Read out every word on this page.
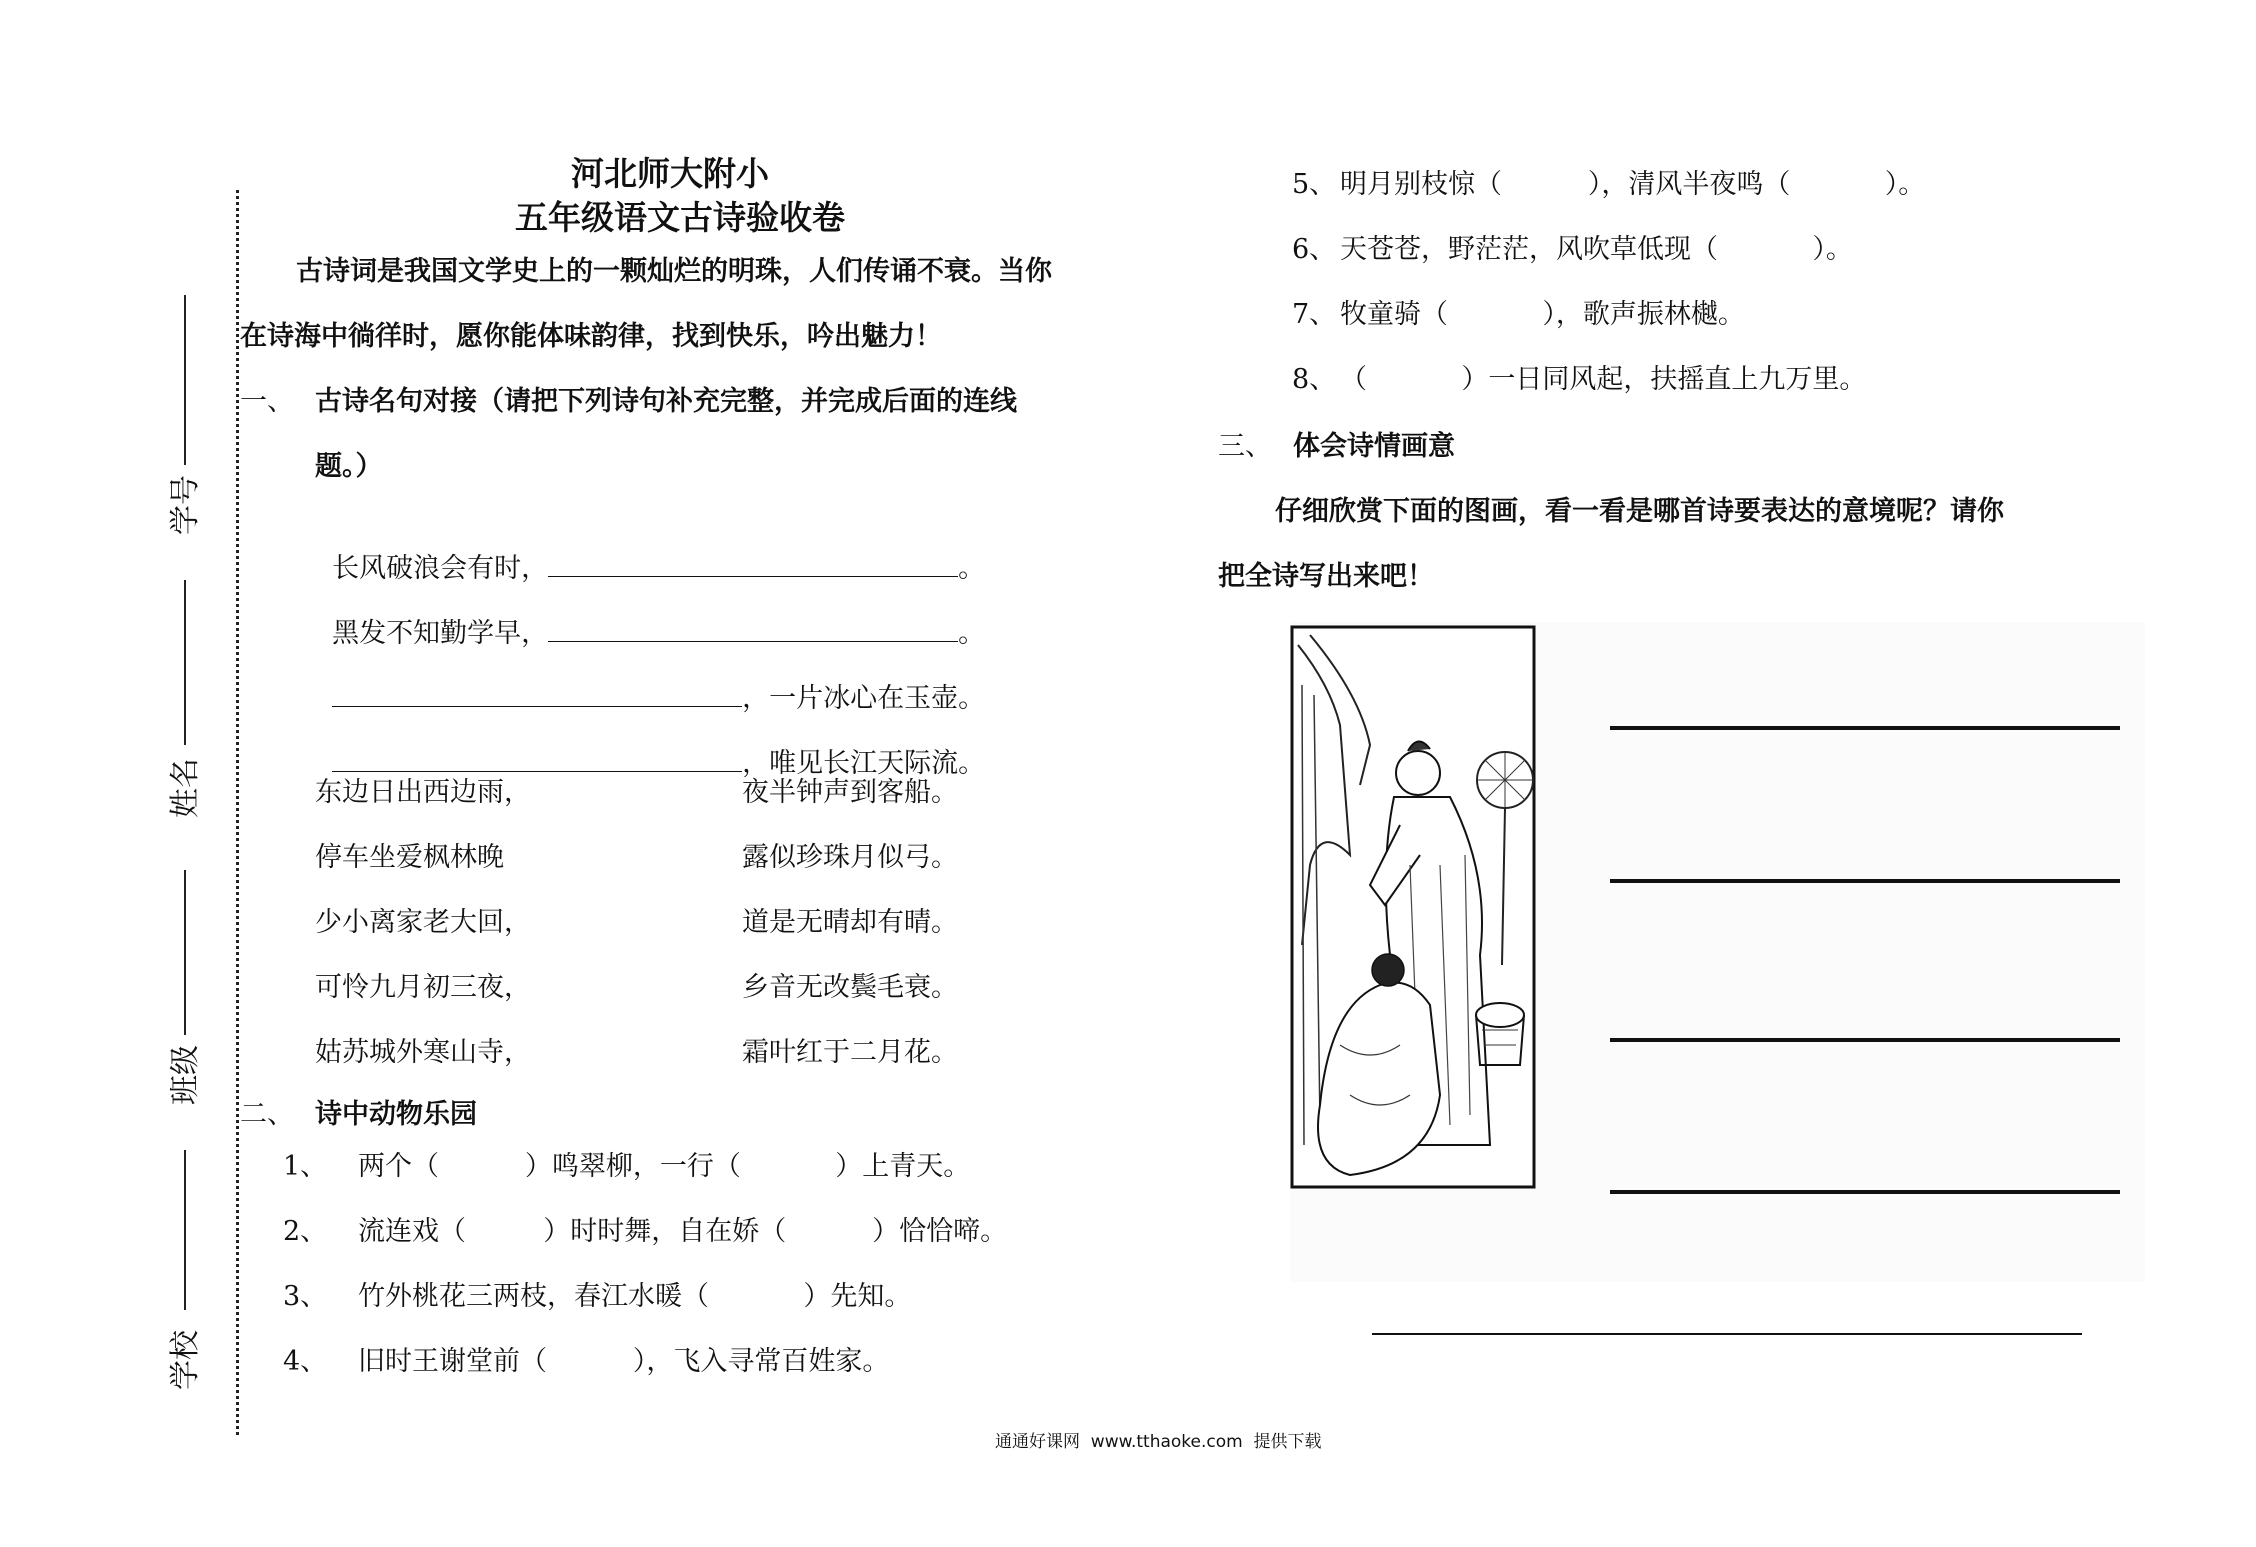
河北师大附小
五年级语文古诗验收卷
学号
姓名
班级
学校
古诗词是我国文学史上的一颗灿烂的明珠，人们传诵不衰。当你
在诗海中徜徉时，愿你能体味韵律，找到快乐，吟出魅力！
一、 古诗名句对接（请把下列诗句补充完整，并完成后面的连线
题。）

长风破浪会有时，	。

黑发不知勤学早，	。

，一片冰心在玉壶。

，唯见长江天际流。

东边日出西边雨，
停车坐爱枫林晚
少小离家老大回，
可怜九月初三夜，
姑苏城外寒山寺，
夜半钟声到客船。
露似珍珠月似弓。
道是无晴却有晴。
乡音无改鬓毛衰。
霜叶红于二月花。
二、 诗中动物乐园
1、 两个（          ）鸣翠柳，一行（           ）上青天。
2、 流连戏（         ）时时舞，自在娇（          ）恰恰啼。
3、 竹外桃花三两枝，春江水暖（           ）先知。
4、 旧时王谢堂前（          ），飞入寻常百姓家。
5、 明月别枝惊（          ），清风半夜鸣（           ）。
6、 天苍苍，野茫茫，风吹草低现（           ）。
7、 牧童骑（           ），歌声振林樾。
8、 （           ）一日同风起，扶摇直上九万里。
三、 体会诗情画意
仔细欣赏下面的图画，看一看是哪首诗要表达的意境呢？请你
把全诗写出来吧！
通通好课网  www.tthaoke.com  提供下载
